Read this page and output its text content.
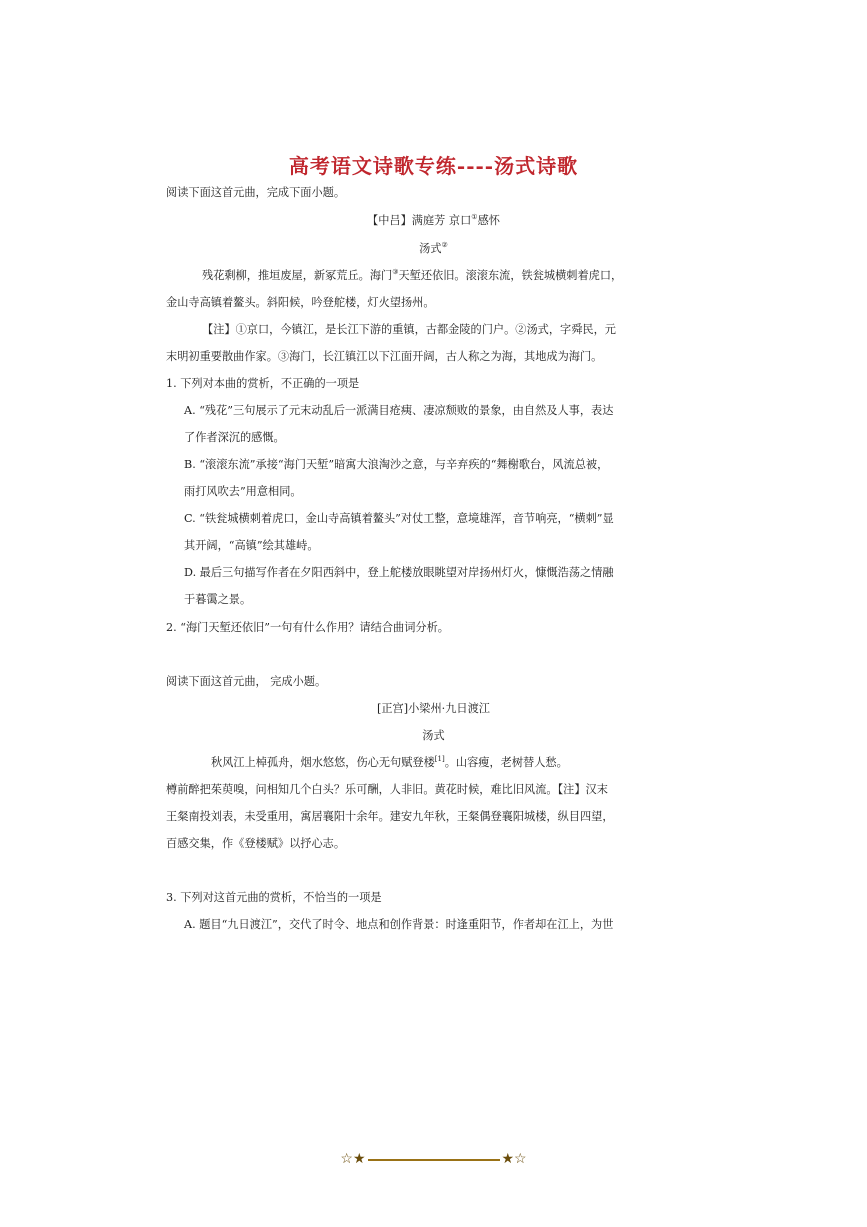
高考语文诗歌专练----汤式诗歌
阅读下面这首元曲，完成下面小题。
【中吕】满庭芳 京口①感怀
汤式②
残花剩柳，推垣废屋，新冢荒丘。海门③天堑还依旧。滚滚东流，铁瓮城横刺着虎口，
金山寺高镇着鳌头。斜阳候，吟登舵楼，灯火望扬州。
【注】①京口，今镇江，是长江下游的重镇，古都金陵的门户。②汤式，字舜民，元
末明初重要散曲作家。③海门，长江镇江以下江面开阔，古人称之为海，其地成为海门。
1. 下列对本曲的赏析，不正确的一项是
A. “残花”三句展示了元末动乱后一派满目疮痍、凄凉颓败的景象，由自然及人事，表达
了作者深沉的感慨。
B. “滚滚东流”承接“海门天堑”暗寓大浪淘沙之意，与辛弃疾的“舞榭歌台，风流总被，
雨打风吹去”用意相同。
C. “铁瓮城横刺着虎口，金山寺高镇着鳌头”对仗工整，意境雄浑，音节响亮，“横刺”显
其开阔，“高镇”绘其雄峙。
D. 最后三句描写作者在夕阳西斜中，登上舵楼放眼眺望对岸扬州灯火，慷慨浩荡之情融
于暮霭之景。
2. “海门天堑还依旧”一句有什么作用？请结合曲词分析。
阅读下面这首元曲， 完成小题。
[正宫]小梁州·九日渡江
汤式
秋风江上棹孤舟，烟水悠悠，伤心无句赋登楼[1]。山容瘦，老树替人愁。
樽前醉把茱萸嗅，问相知几个白头？乐可酬，人非旧。黄花时候，难比旧风流。【注】汉末
王粲南投刘表，未受重用，寓居襄阳十余年。建安九年秋，王粲偶登襄阳城楼，纵目四望，
百感交集，作《登楼赋》以抒心志。
3. 下列对这首元曲的赏析，不恰当的一项是
A. 题目“九日渡江”，交代了时令、地点和创作背景：时逢重阳节，作者却在江上，为世
☆★	★☆
